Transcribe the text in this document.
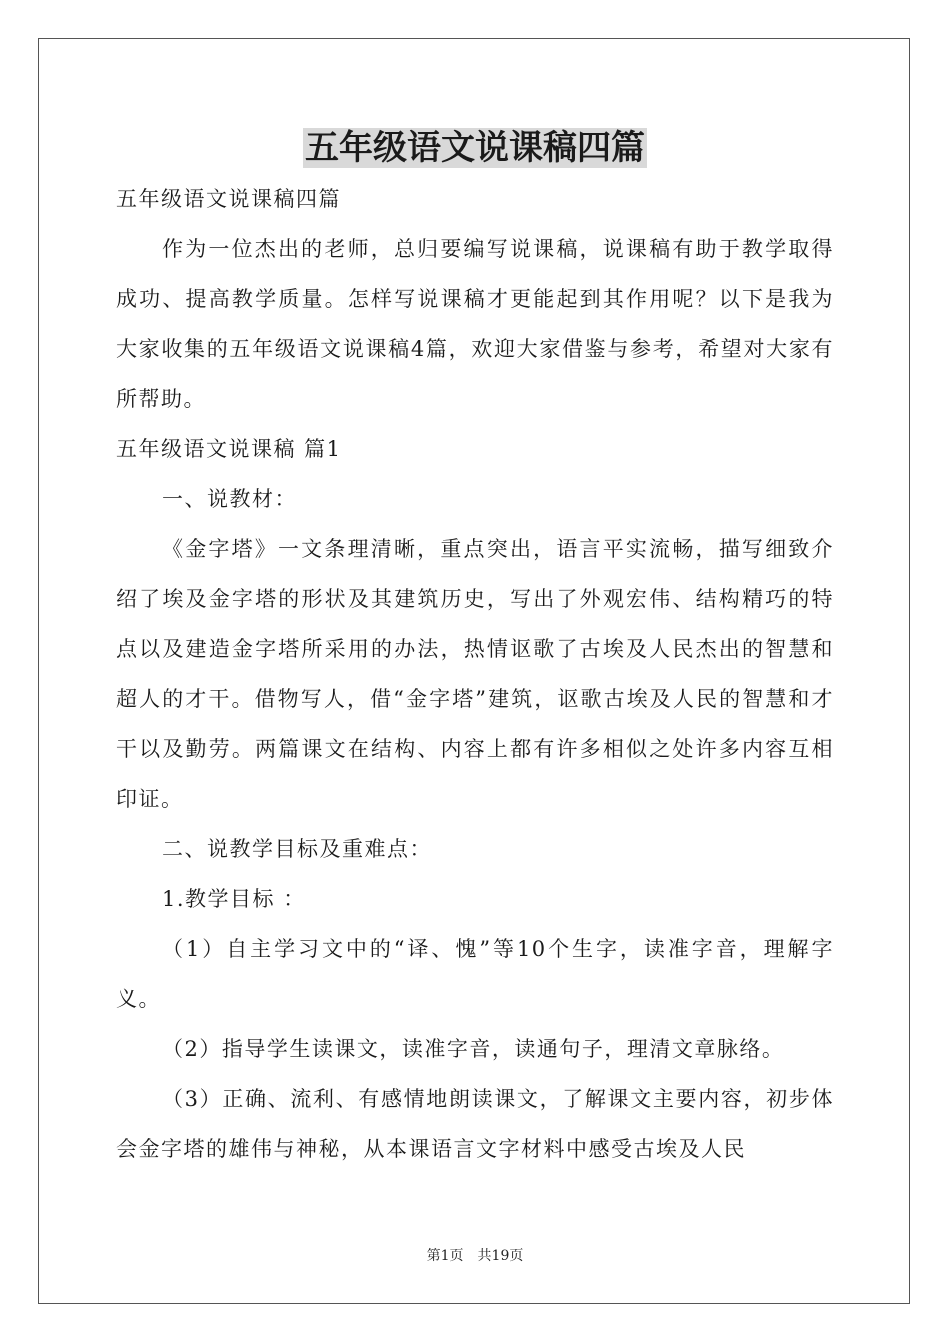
五年级语文说课稿四篇

五年级语文说课稿四篇

作为一位杰出的老师，总归要编写说课稿，说课稿有助于教学取得成功、提高教学质量。怎样写说课稿才更能起到其作用呢？以下是我为大家收集的五年级语文说课稿4篇，欢迎大家借鉴与参考，希望对大家有所帮助。

五年级语文说课稿 篇1

一、说教材：

《金字塔》一文条理清晰，重点突出，语言平实流畅，描写细致介绍了埃及金字塔的形状及其建筑历史，写出了外观宏伟、结构精巧的特点以及建造金字塔所采用的办法，热情讴歌了古埃及人民杰出的智慧和超人的才干。借物写人，借“金字塔”建筑，讴歌古埃及人民的智慧和才干以及勤劳。两篇课文在结构、内容上都有许多相似之处许多内容互相印证。

二、说教学目标及重难点：

1.教学目标 ：

（1）自主学习文中的“译、愧”等10个生字，读准字音，理解字义。

（2）指导学生读课文，读准字音，读通句子，理清文章脉络。

（3）正确、流利、有感情地朗读课文，了解课文主要内容，初步体会金字塔的雄伟与神秘，从本课语言文字材料中感受古埃及人民

第1页　共19页
